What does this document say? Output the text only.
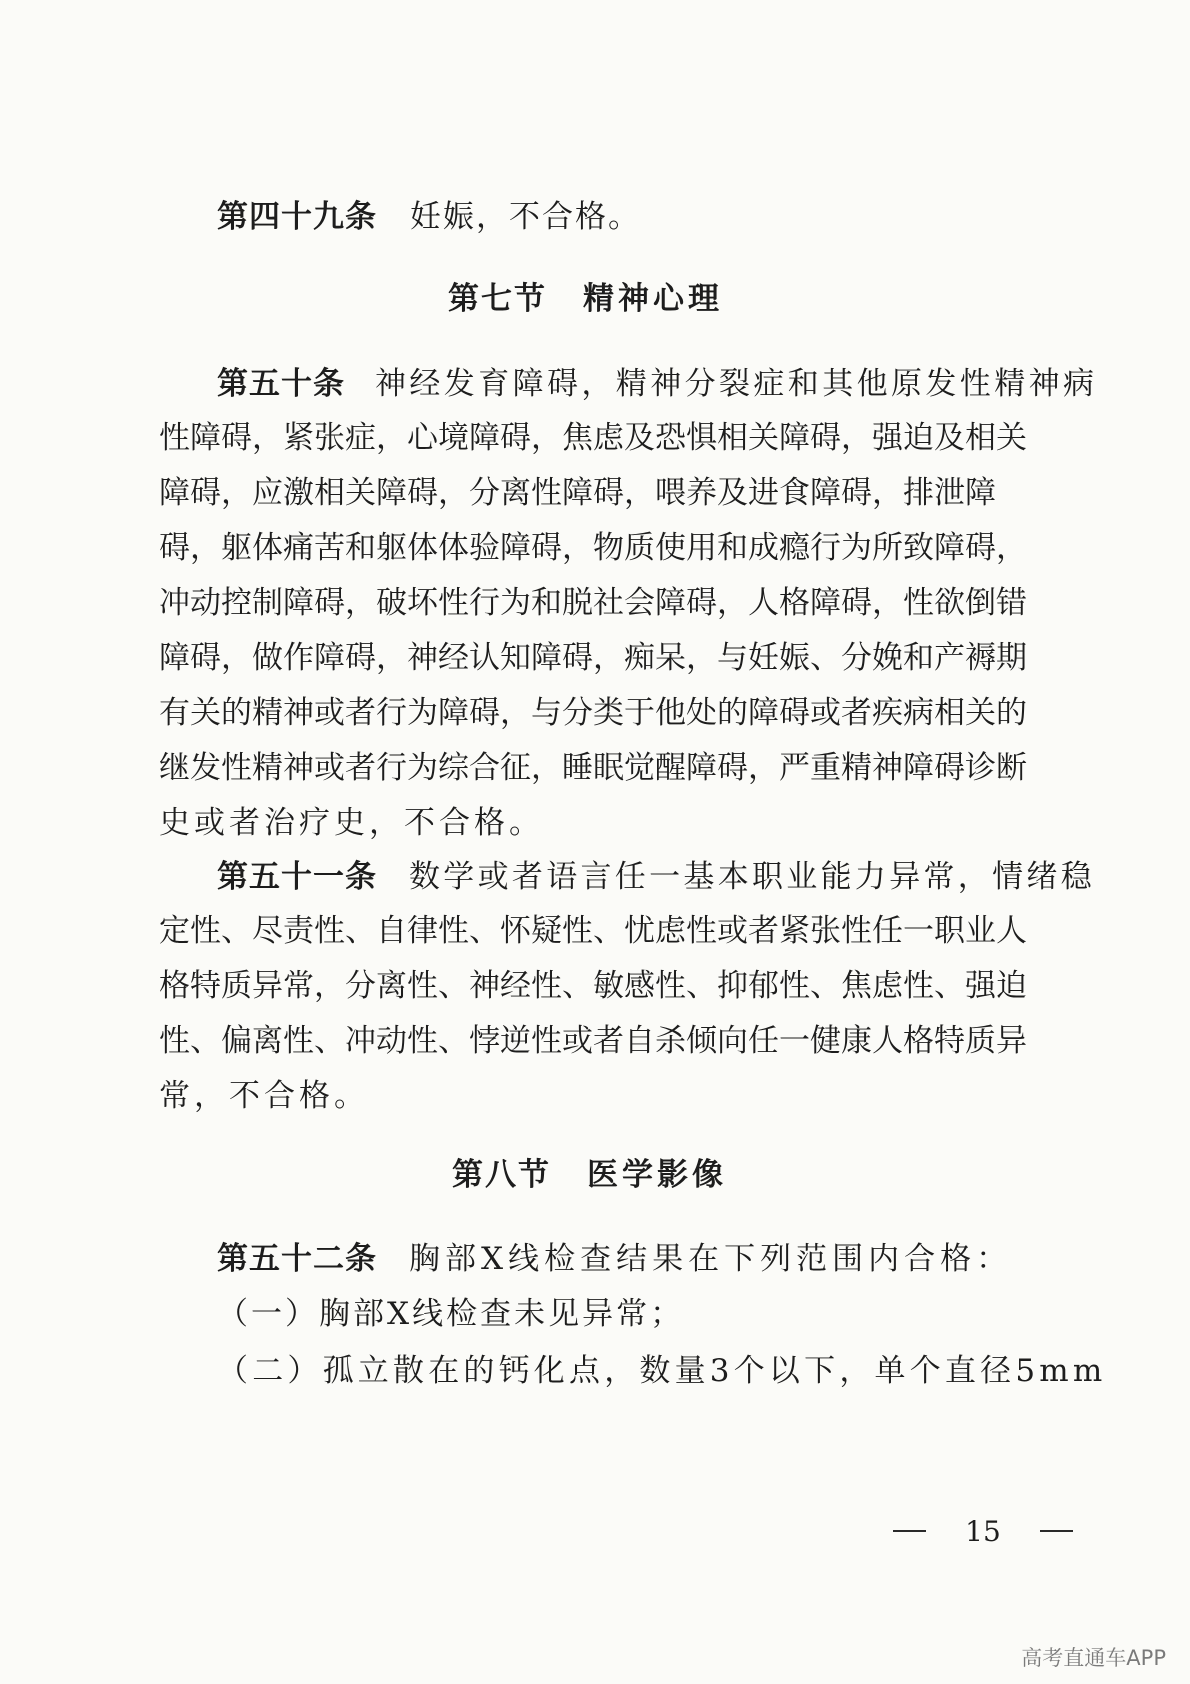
第四十九条 妊娠，不合格。
第七节 精神心理
第五十条 神经发育障碍，精神分裂症和其他原发性精神病
性 障 碍 ， 紧 张 症 ， 心 境 障 碍 ， 焦 虑 及 恐 惧 相 关 障 碍 ， 强 迫 及 相 关
障 碍 ， 应 激 相 关 障 碍 ， 分 离 性 障 碍 ， 喂 养 及 进 食 障 碍 ， 排 泄 障
碍 ， 躯 体 痛 苦 和 躯 体 体 验 障 碍 ， 物 质 使 用 和 成 瘾 行 为 所 致 障 碍 ，
冲 动 控 制 障 碍 ， 破 坏 性 行 为 和 脱 社 会 障 碍 ， 人 格 障 碍 ， 性 欲 倒 错
障 碍 ， 做 作 障 碍 ， 神 经 认 知 障 碍 ， 痴 呆 ， 与 妊 娠 、 分 娩 和 产 褥 期
有 关 的 精 神 或 者 行 为 障 碍 ， 与 分 类 于 他 处 的 障 碍 或 者 疾 病 相 关 的
继 发 性 精 神 或 者 行 为 综 合 征 ， 睡 眠 觉 醒 障 碍 ， 严 重 精 神 障 碍 诊 断
史或者治疗史，不合格。
第五十一条 数学或者语言任一基本职业能力异常，情绪稳
定 性 、 尽 责 性 、 自 律 性 、 怀 疑 性 、 忧 虑 性 或 者 紧 张 性 任 一 职 业 人
格 特 质 异 常 ， 分 离 性 、 神 经 性 、 敏 感 性 、 抑 郁 性 、 焦 虑 性 、 强 迫
性 、 偏 离 性 、 冲 动 性 、 悖 逆 性 或 者 自 杀 倾 向 任 一 健 康 人 格 特 质 异
常，不合格。
第八节 医学影像
第五十二条 胸部X线检查结果在下列范围内合格：
（一）胸部X线检查未见异常；
（二）孤立散在的钙化点，数量3个以下，单个直径5mm
15
高考直通车APP
